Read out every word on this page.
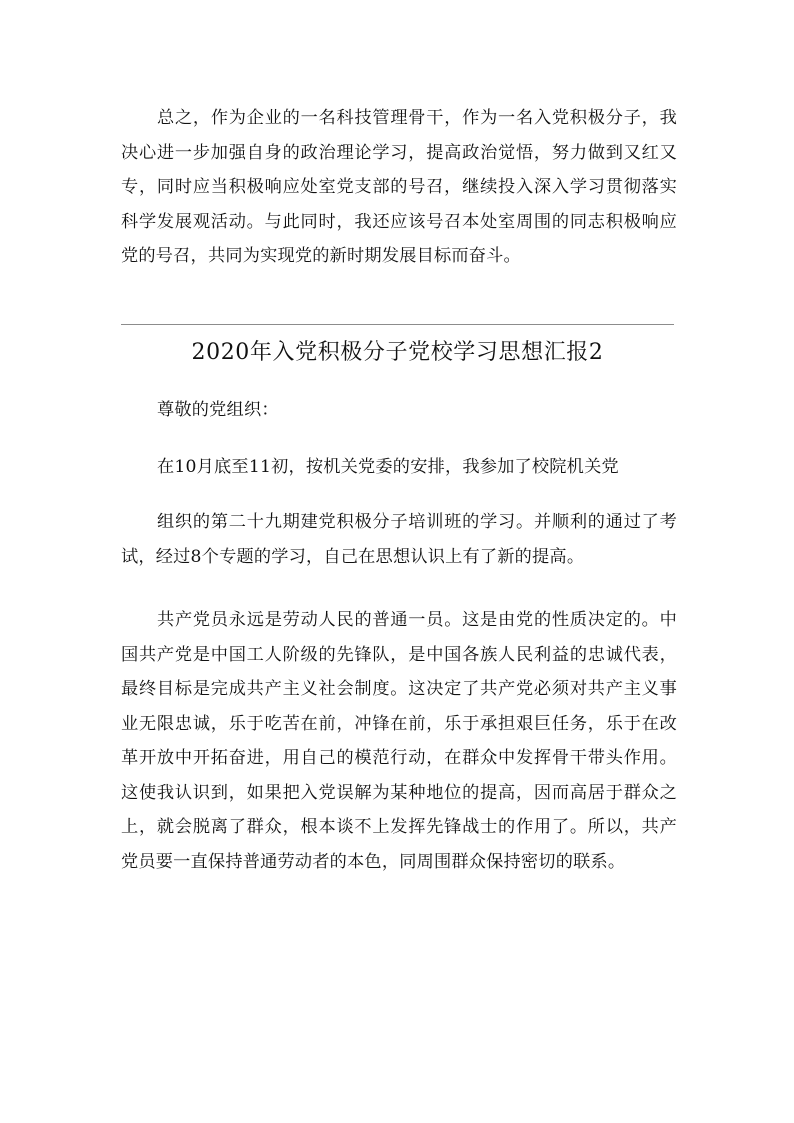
总之，作为企业的一名科技管理骨干，作为一名入党积极分子，我决心进一步加强自身的政治理论学习，提高政治觉悟，努力做到又红又专，同时应当积极响应处室党支部的号召，继续投入深入学习贯彻落实科学发展观活动。与此同时，我还应该号召本处室周围的同志积极响应党的号召，共同为实现党的新时期发展目标而奋斗。

2020年入党积极分子党校学习思想汇报2

尊敬的党组织：

在10月底至11初，按机关党委的安排，我参加了校院机关党

组织的第二十九期建党积极分子培训班的学习。并顺利的通过了考试，经过8个专题的学习，自己在思想认识上有了新的提高。

共产党员永远是劳动人民的普通一员。这是由党的性质决定的。中国共产党是中国工人阶级的先锋队，是中国各族人民利益的忠诚代表，最终目标是完成共产主义社会制度。这决定了共产党必须对共产主义事业无限忠诚，乐于吃苦在前，冲锋在前，乐于承担艰巨任务，乐于在改革开放中开拓奋进，用自己的模范行动，在群众中发挥骨干带头作用。这使我认识到，如果把入党误解为某种地位的提高，因而高居于群众之上，就会脱离了群众，根本谈不上发挥先锋战士的作用了。所以，共产党员要一直保持普通劳动者的本色，同周围群众保持密切的联系。
